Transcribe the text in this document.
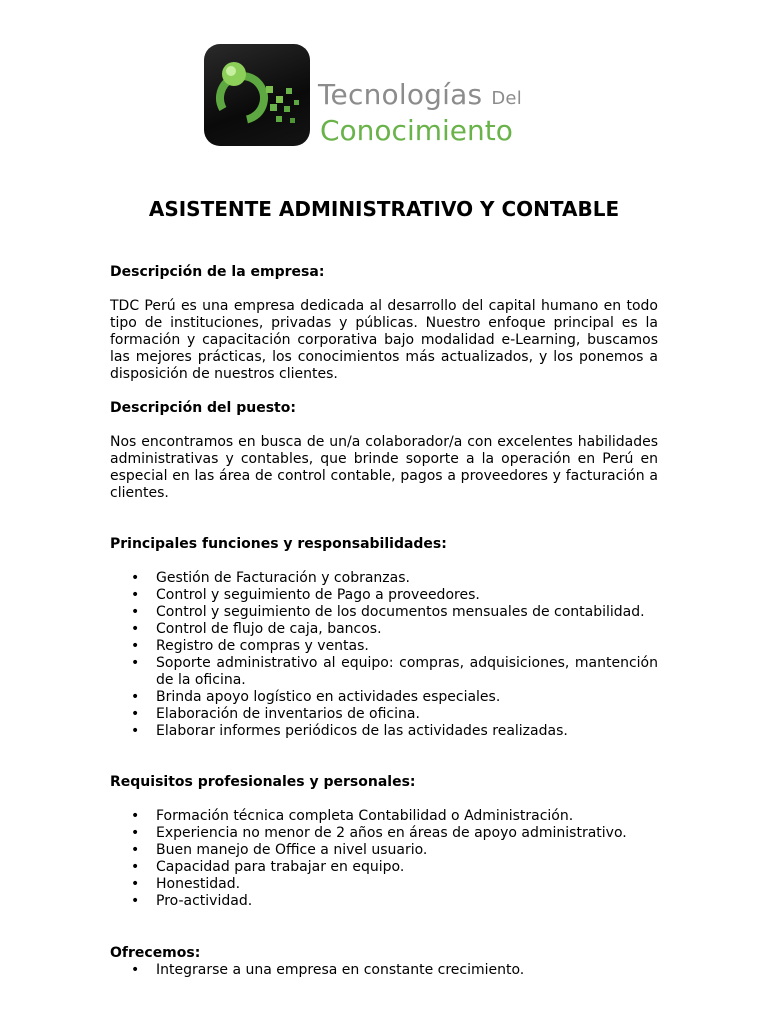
Tecnologías Del
Conocimiento
ASISTENTE ADMINISTRATIVO Y CONTABLE

Descripción de la empresa:

TDC Perú es una empresa dedicada al desarrollo del capital humano en todo tipo de instituciones, privadas y públicas. Nuestro enfoque principal es la formación y capacitación corporativa bajo modalidad e-Learning, buscamos las mejores prácticas, los conocimientos más actualizados, y los ponemos a disposición de nuestros clientes.

Descripción del puesto:

Nos encontramos en busca de un/a colaborador/a con excelentes habilidades administrativas y contables, que brinde soporte a la operación en Perú en especial en las área de control contable, pagos a proveedores y facturación a clientes.

Principales funciones y responsabilidades:

• Gestión de Facturación y cobranzas.
• Control y seguimiento de Pago a proveedores.
• Control y seguimiento de los documentos mensuales de contabilidad.
• Control de flujo de caja, bancos.
• Registro de compras y ventas.
• Soporte administrativo al equipo: compras, adquisiciones, mantención de la oficina.
• Brinda apoyo logístico en actividades especiales.
• Elaboración de inventarios de oficina.
• Elaborar informes periódicos de las actividades realizadas.

Requisitos profesionales y personales:

• Formación técnica completa Contabilidad o Administración.
• Experiencia no menor de 2 años en áreas de apoyo administrativo.
• Buen manejo de Office a nivel usuario.
• Capacidad para trabajar en equipo.
• Honestidad.
• Pro-actividad.

Ofrecemos:

• Integrarse a una empresa en constante crecimiento.
